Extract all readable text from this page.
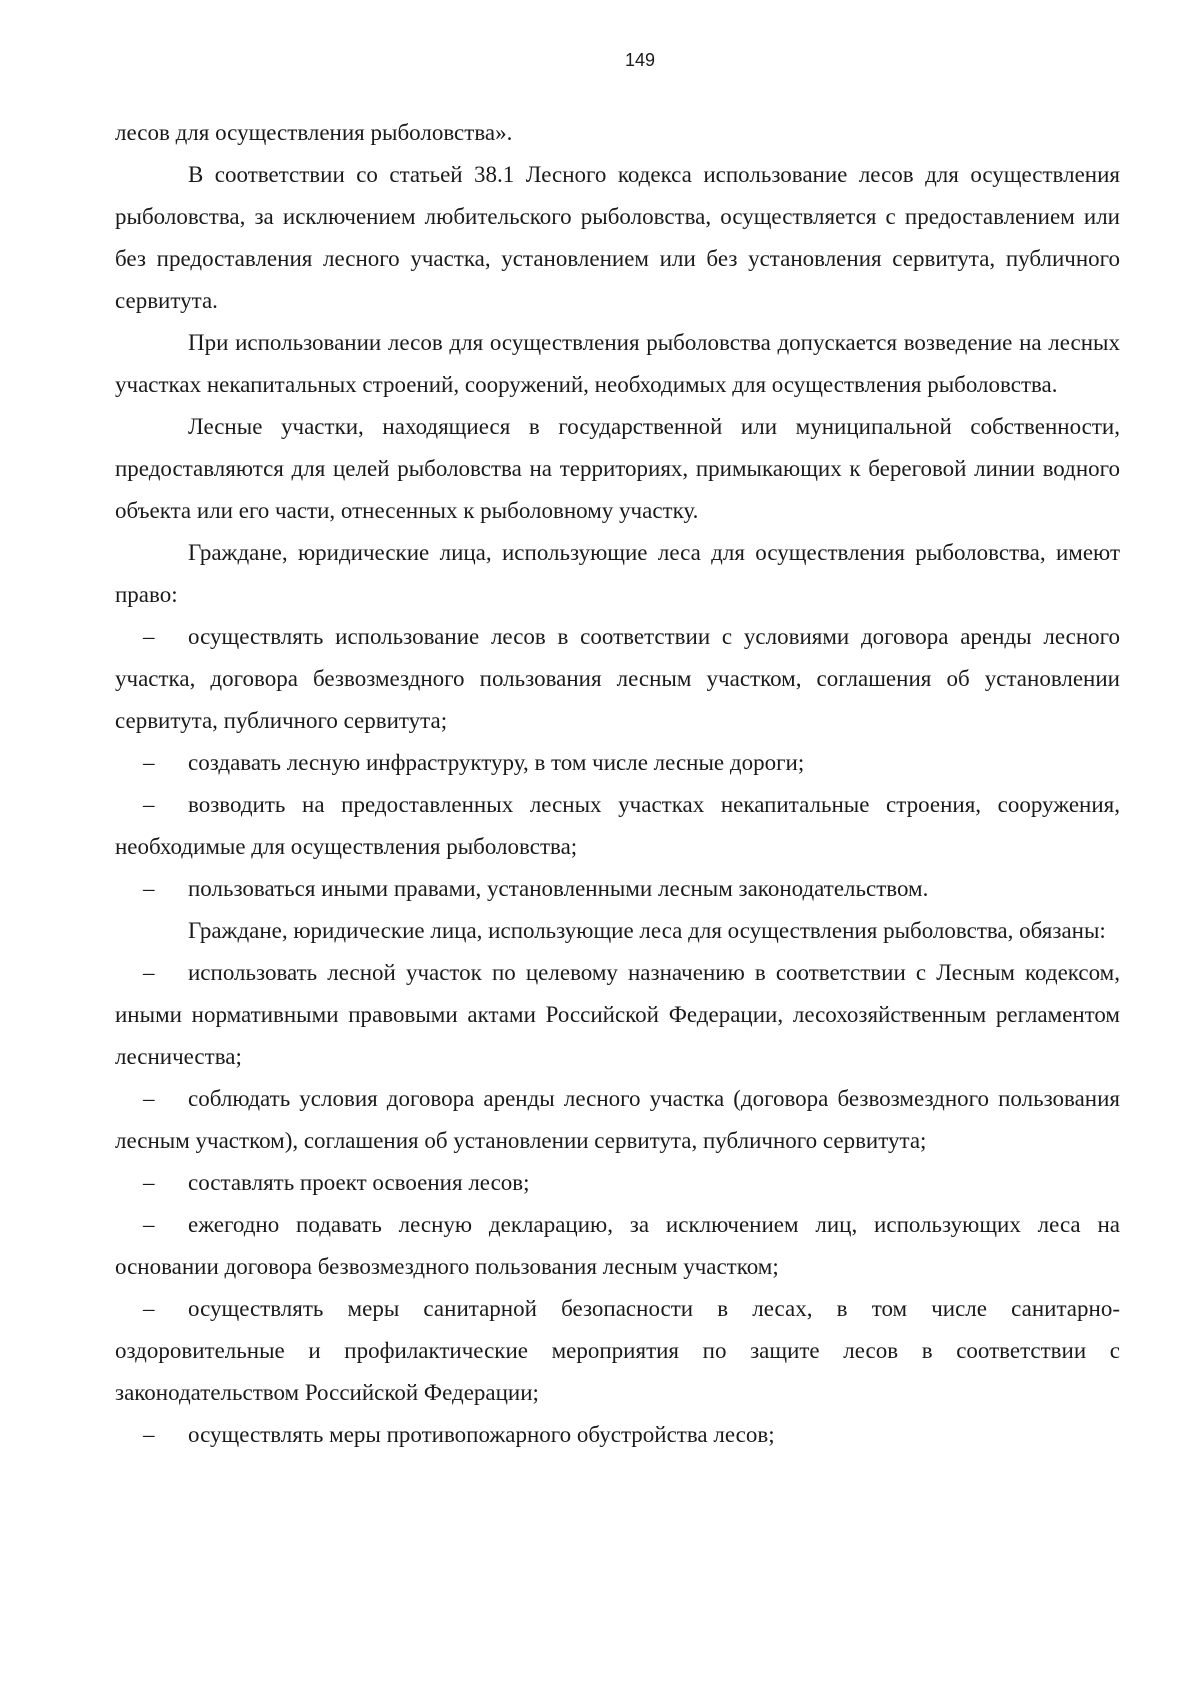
149

лесов для осуществления рыболовства».

В соответствии со статьей 38.1 Лесного кодекса использование лесов для осуществления рыболовства, за исключением любительского рыболовства, осуществляется с предоставлением или без предоставления лесного участка, установлением или без установления сервитута, публичного сервитута.

При использовании лесов для осуществления рыболовства допускается возведение на лесных участках некапитальных строений, сооружений, необходимых для осуществления рыболовства.

Лесные участки, находящиеся в государственной или муниципальной собственности, предоставляются для целей рыболовства на территориях, примыкающих к береговой линии водного объекта или его части, отнесенных к рыболовному участку.

Граждане, юридические лица, использующие леса для осуществления рыболовства, имеют право:

– осуществлять использование лесов в соответствии с условиями договора аренды лесного участка, договора безвозмездного пользования лесным участком, соглашения об установлении сервитута, публичного сервитута;

– создавать лесную инфраструктуру, в том числе лесные дороги;

– возводить на предоставленных лесных участках некапитальные строения, сооружения, необходимые для осуществления рыболовства;

– пользоваться иными правами, установленными лесным законодательством.

Граждане, юридические лица, использующие леса для осуществления рыболовства, обязаны:

– использовать лесной участок по целевому назначению в соответствии с Лесным кодексом, иными нормативными правовыми актами Российской Федерации, лесохозяйственным регламентом лесничества;

– соблюдать условия договора аренды лесного участка (договора безвозмездного пользования лесным участком), соглашения об установлении сервитута, публичного сервитута;

– составлять проект освоения лесов;

– ежегодно подавать лесную декларацию, за исключением лиц, использующих леса на основании договора безвозмездного пользования лесным участком;

– осуществлять меры санитарной безопасности в лесах, в том числе санитарно-оздоровительные и профилактические мероприятия по защите лесов в соответствии с законодательством Российской Федерации;

– осуществлять меры противопожарного обустройства лесов;
